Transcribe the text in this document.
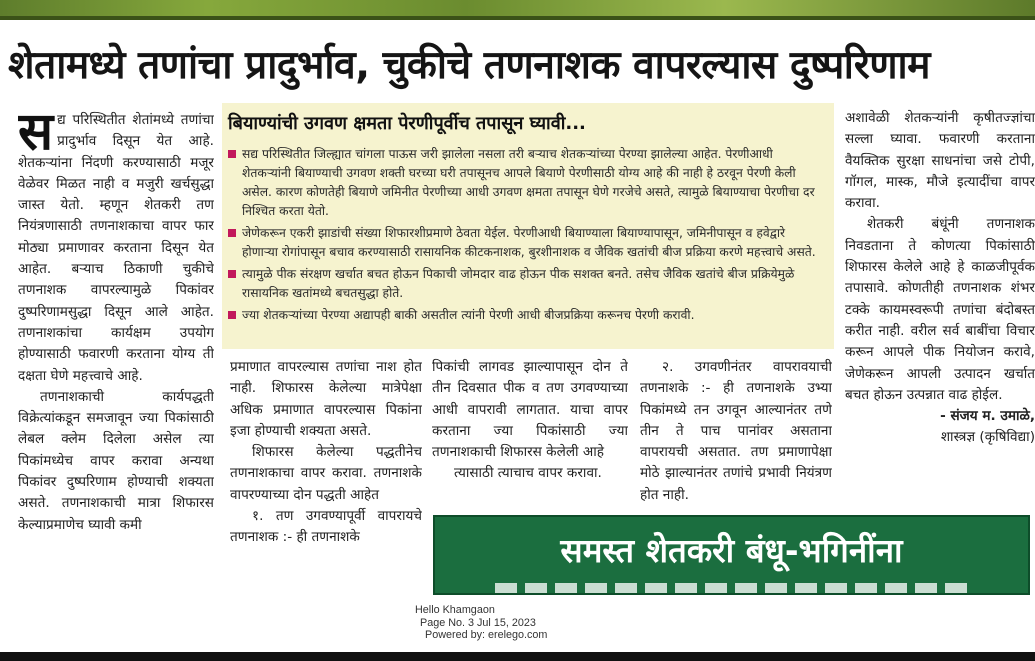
शेतामध्ये तणांचा प्रादुर्भाव, चुकीचे तणनाशक वापरल्यास दुष्परिणाम
स द्य परिस्थितीत शेतांमध्ये तणांचा प्रादुर्भाव दिसून येत आहे. शेतकऱ्यांना निंदणी करण्यासाठी मजूर वेळेवर मिळत नाही व मजुरी खर्चसुद्धा जास्त येतो. म्हणून शेतकरी तण नियंत्रणासाठी तणनाशकाचा वापर फार मोठ्या प्रमाणावर करताना दिसून येत आहेत. बऱ्याच ठिकाणी चुकीचे तणनाशक वापरल्यामुळे पिकांवर दुष्परिणामसुद्धा दिसून आले आहेत. तणनाशकांचा कार्यक्षम उपयोग होण्यासाठी फवारणी करताना योग्य ती दक्षता घेणे महत्त्वाचे आहे.

तणनाशकाची कार्यपद्धती विक्रेत्यांकडून समजावून ज्या पिकांसाठी लेबल क्लेम दिलेला असेल त्या पिकांमध्येच वापर करावा अन्यथा पिकांवर दुष्परिणाम होण्याची शक्यता असते. तणनाशकाची मात्रा शिफारस केल्याप्रमाणेच घ्यावी कमी

बियाण्यांची उगवण क्षमता पेरणीपूर्वीच तपासून घ्यावी...
सद्य परिस्थितीत जिल्ह्यात चांगला पाऊस जरी झालेला नसला तरी बऱ्याच शेतकऱ्यांच्या पेरण्या झालेल्या आहेत. पेरणीआधी शेतकऱ्यांनी बियाण्याची उगवण शक्ती घरच्या घरी तपासूनच आपले बियाणे पेरणीसाठी योग्य आहे की नाही हे ठरवून पेरणी केली असेल. कारण कोणतेही बियाणे जमिनीत पेरणीच्या आधी उगवण क्षमता तपासून घेणे गरजेचे असते, त्यामुळे बियाण्याचा पेरणीचा दर निश्चित करता येतो.
जेणेकरून एकरी झाडांची संख्या शिफारशीप्रमाणे ठेवता येईल. पेरणीआधी बियाण्याला बियाण्यापासून, जमिनीपासून व हवेद्वारे होणाऱ्या रोगांपासून बचाव करण्यासाठी रासायनिक कीटकनाशक, बुरशीनाशक व जैविक खतांची बीज प्रक्रिया करणे महत्त्वाचे असते.
त्यामुळे पीक संरक्षण खर्चात बचत होऊन पिकाची जोमदार वाढ होऊन पीक सशक्त बनते. तसेच जैविक खतांचे बीज प्रक्रियेमुळे रासायनिक खतांमध्ये बचतसुद्धा होते.
ज्या शेतकऱ्यांच्या पेरण्या अद्यापही बाकी असतील त्यांनी पेरणी आधी बीजप्रक्रिया करूनच पेरणी करावी.

प्रमाणात वापरल्यास तणांचा नाश होत नाही. शिफारस केलेल्या मात्रेपेक्षा अधिक प्रमाणात वापरल्यास पिकांना इजा होण्याची शक्यता असते.

शिफारस केलेल्या पद्धतीनेच तणनाशकाचा वापर करावा. तणनाशके वापरण्याच्या दोन पद्धती आहेत

१. तण उगवण्यापूर्वी वापरायचे तणनाशक :- ही तणनाशके

पिकांची लागवड झाल्यापासून दोन ते तीन दिवसात पीक व तण उगवण्याच्या आधी वापरावी लागतात. याचा वापर करताना ज्या पिकांसाठी ज्या तणनाशकाची शिफारस केलेली आहे

त्यासाठी त्याचाच वापर करावा.

२. उगवणीनंतर वापरावयाची तणनाशके :- ही तणनाशके उभ्या पिकांमध्ये तन उगवून आल्यानंतर तणे तीन ते पाच पानांवर असताना वापरायची असतात. तण प्रमाणापेक्षा मोठे झाल्यानंतर तणांचे प्रभावी नियंत्रण होत नाही.

अशावेळी शेतकऱ्यांनी कृषीतज्ज्ञांचा सल्ला घ्यावा. फवारणी करताना वैयक्तिक सुरक्षा साधनांचा जसे टोपी, गॉगल, मास्क, मौजे इत्यादींचा वापर करावा.

शेतकरी बंधूंनी तणनाशक निवडताना ते कोणत्या पिकांसाठी शिफारस केलेले आहे हे काळजीपूर्वक तपासावे. कोणतीही तणनाशक शंभर टक्के कायमस्वरूपी तणांचा बंदोबस्त करीत नाही. वरील सर्व बाबींचा विचार करून आपले पीक नियोजन करावे, जेणेकरून आपली उत्पादन खर्चात बचत होऊन उत्पन्नात वाढ होईल.

- संजय म. उमाळे,

शास्त्रज्ञ (कृषिविद्या)

समस्त शेतकरी बंधू-भगिनींना
Hello Khamgaon
Page No. 3 Jul 15, 2023
Powered by: erelego.com
